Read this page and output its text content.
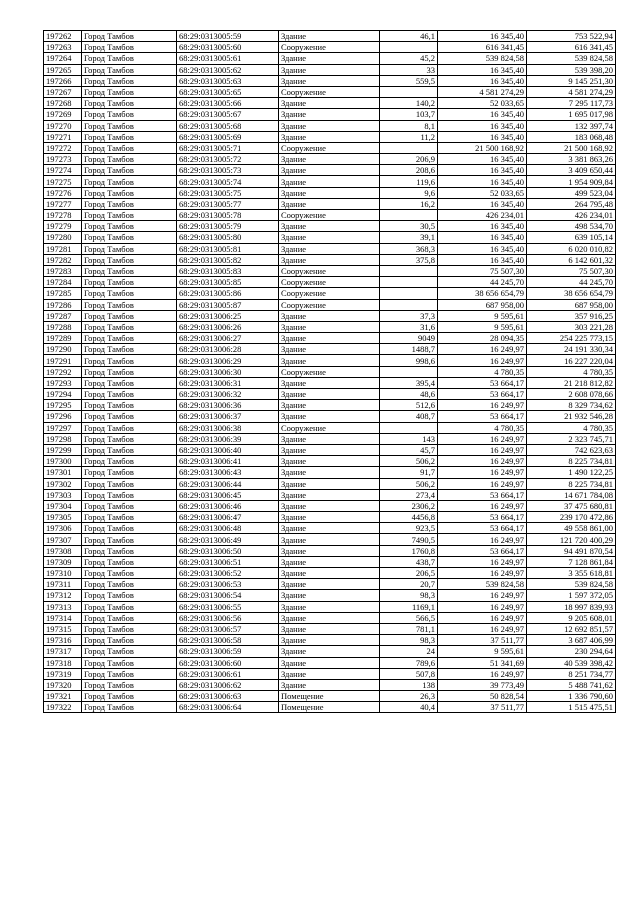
197262	Город Тамбов	68:29:0313005:59	Здание	46,1	16 345,40	753 522,94
197263	Город Тамбов	68:29:0313005:60	Сооружение		616 341,45	616 341,45
197264	Город Тамбов	68:29:0313005:61	Здание	45,2	539 824,58	539 824,58
197265	Город Тамбов	68:29:0313005:62	Здание	33	16 345,40	539 398,20
197266	Город Тамбов	68:29:0313005:63	Здание	559,5	16 345,40	9 145 251,30
197267	Город Тамбов	68:29:0313005:65	Сооружение		4 581 274,29	4 581 274,29
197268	Город Тамбов	68:29:0313005:66	Здание	140,2	52 033,65	7 295 117,73
197269	Город Тамбов	68:29:0313005:67	Здание	103,7	16 345,40	1 695 017,98
197270	Город Тамбов	68:29:0313005:68	Здание	8,1	16 345,40	132 397,74
197271	Город Тамбов	68:29:0313005:69	Здание	11,2	16 345,40	183 068,48
197272	Город Тамбов	68:29:0313005:71	Сооружение		21 500 168,92	21 500 168,92
197273	Город Тамбов	68:29:0313005:72	Здание	206,9	16 345,40	3 381 863,26
197274	Город Тамбов	68:29:0313005:73	Здание	208,6	16 345,40	3 409 650,44
197275	Город Тамбов	68:29:0313005:74	Здание	119,6	16 345,40	1 954 909,84
197276	Город Тамбов	68:29:0313005:75	Здание	9,6	52 033,65	499 523,04
197277	Город Тамбов	68:29:0313005:77	Здание	16,2	16 345,40	264 795,48
197278	Город Тамбов	68:29:0313005:78	Сооружение		426 234,01	426 234,01
197279	Город Тамбов	68:29:0313005:79	Здание	30,5	16 345,40	498 534,70
197280	Город Тамбов	68:29:0313005:80	Здание	39,1	16 345,40	639 105,14
197281	Город Тамбов	68:29:0313005:81	Здание	368,3	16 345,40	6 020 010,82
197282	Город Тамбов	68:29:0313005:82	Здание	375,8	16 345,40	6 142 601,32
197283	Город Тамбов	68:29:0313005:83	Сооружение		75 507,30	75 507,30
197284	Город Тамбов	68:29:0313005:85	Сооружение		44 245,70	44 245,70
197285	Город Тамбов	68:29:0313005:86	Сооружение		38 656 654,79	38 656 654,79
197286	Город Тамбов	68:29:0313005:87	Сооружение		687 958,00	687 958,00
197287	Город Тамбов	68:29:0313006:25	Здание	37,3	9 595,61	357 916,25
197288	Город Тамбов	68:29:0313006:26	Здание	31,6	9 595,61	303 221,28
197289	Город Тамбов	68:29:0313006:27	Здание	9049	28 094,35	254 225 773,15
197290	Город Тамбов	68:29:0313006:28	Здание	1488,7	16 249,97	24 191 330,34
197291	Город Тамбов	68:29:0313006:29	Здание	998,6	16 249,97	16 227 220,04
197292	Город Тамбов	68:29:0313006:30	Сооружение		4 780,35	4 780,35
197293	Город Тамбов	68:29:0313006:31	Здание	395,4	53 664,17	21 218 812,82
197294	Город Тамбов	68:29:0313006:32	Здание	48,6	53 664,17	2 608 078,66
197295	Город Тамбов	68:29:0313006:36	Здание	512,6	16 249,97	8 329 734,62
197296	Город Тамбов	68:29:0313006:37	Здание	408,7	53 664,17	21 932 546,28
197297	Город Тамбов	68:29:0313006:38	Сооружение		4 780,35	4 780,35
197298	Город Тамбов	68:29:0313006:39	Здание	143	16 249,97	2 323 745,71
197299	Город Тамбов	68:29:0313006:40	Здание	45,7	16 249,97	742 623,63
197300	Город Тамбов	68:29:0313006:41	Здание	506,2	16 249,97	8 225 734,81
197301	Город Тамбов	68:29:0313006:43	Здание	91,7	16 249,97	1 490 122,25
197302	Город Тамбов	68:29:0313006:44	Здание	506,2	16 249,97	8 225 734,81
197303	Город Тамбов	68:29:0313006:45	Здание	273,4	53 664,17	14 671 784,08
197304	Город Тамбов	68:29:0313006:46	Здание	2306,2	16 249,97	37 475 680,81
197305	Город Тамбов	68:29:0313006:47	Здание	4456,8	53 664,17	239 170 472,86
197306	Город Тамбов	68:29:0313006:48	Здание	923,5	53 664,17	49 558 861,00
197307	Город Тамбов	68:29:0313006:49	Здание	7490,5	16 249,97	121 720 400,29
197308	Город Тамбов	68:29:0313006:50	Здание	1760,8	53 664,17	94 491 870,54
197309	Город Тамбов	68:29:0313006:51	Здание	438,7	16 249,97	7 128 861,84
197310	Город Тамбов	68:29:0313006:52	Здание	206,5	16 249,97	3 355 618,81
197311	Город Тамбов	68:29:0313006:53	Здание	20,7	539 824,58	539 824,58
197312	Город Тамбов	68:29:0313006:54	Здание	98,3	16 249,97	1 597 372,05
197313	Город Тамбов	68:29:0313006:55	Здание	1169,1	16 249,97	18 997 839,93
197314	Город Тамбов	68:29:0313006:56	Здание	566,5	16 249,97	9 205 608,01
197315	Город Тамбов	68:29:0313006:57	Здание	781,1	16 249,97	12 692 851,57
197316	Город Тамбов	68:29:0313006:58	Здание	98,3	37 511,77	3 687 406,99
197317	Город Тамбов	68:29:0313006:59	Здание	24	9 595,61	230 294,64
197318	Город Тамбов	68:29:0313006:60	Здание	789,6	51 341,69	40 539 398,42
197319	Город Тамбов	68:29:0313006:61	Здание	507,8	16 249,97	8 251 734,77
197320	Город Тамбов	68:29:0313006:62	Здание	138	39 773,49	5 488 741,62
197321	Город Тамбов	68:29:0313006:63	Помещение	26,3	50 828,54	1 336 790,60
197322	Город Тамбов	68:29:0313006:64	Помещение	40,4	37 511,77	1 515 475,51
